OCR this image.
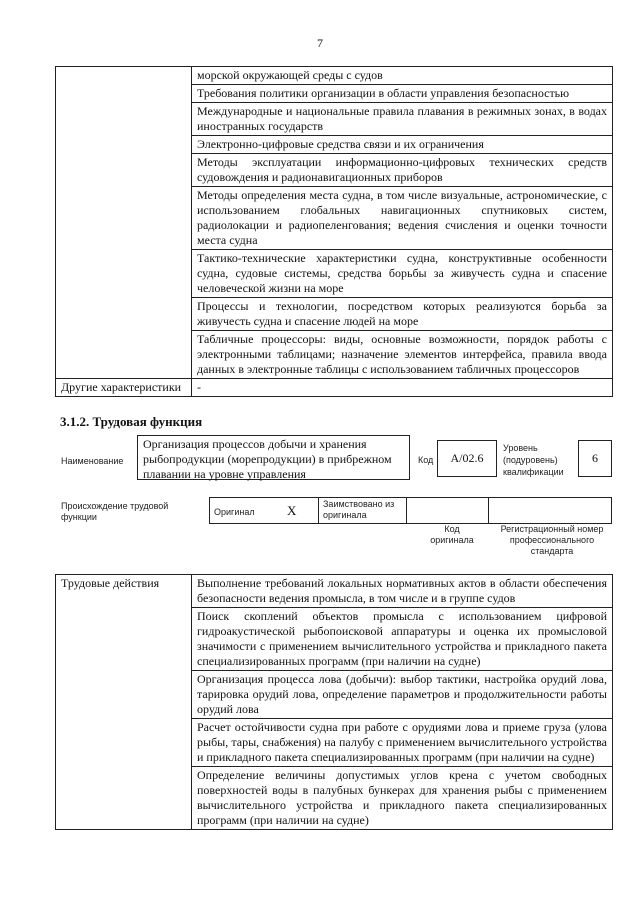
7
	морской окружающей среды с судов
	Требования политики организации в области управления безопасностью
	Международные и национальные правила плавания в режимных зонах, в водах иностранных государств
	Электронно-цифровые средства связи и их ограничения
	Методы эксплуатации информационно-цифровых технических средств судовождения и радионавигационных приборов
	Методы определения места судна, в том числе визуальные, астрономические, с использованием глобальных навигационных спутниковых систем, радиолокации и радиопеленгования; ведения счисления и оценки точности места судна
	Тактико-технические характеристики судна, конструктивные особенности судна, судовые системы, средства борьбы за живучесть судна и спасение человеческой жизни на море
	Процессы и технологии, посредством которых реализуются борьба за живучесть судна и спасение людей на море
	Табличные процессоры: виды, основные возможности, порядок работы с электронными таблицами; назначение элементов интерфейса, правила ввода данных в электронные таблицы с использованием табличных процессоров
Другие характеристики	-
3.1.2. Трудовая функция
Наименование
Организация процессов добычи и хранения рыбопродукции (морепродукции) в прибрежном плавании на уровне управления
Код	A/02.6
Уровень (подуровень) квалификации
6
Происхождение трудовой функции	Оригинал X	Заимствовано из оригинала
Код оригинала
Регистрационный номер профессионального стандарта
Трудовые действия	Выполнение требований локальных нормативных актов в области обеспечения безопасности ведения промысла, в том числе и в группе судов
Поиск скоплений объектов промысла с использованием цифровой гидроакустической рыбопоисковой аппаратуры и оценка их промысловой значимости с применением вычислительного устройства и прикладного пакета специализированных программ (при наличии на судне)
Организация процесса лова (добычи): выбор тактики, настройка орудий лова, тарировка орудий лова, определение параметров и продолжительности работы орудий лова
Расчет остойчивости судна при работе с орудиями лова и приеме груза (улова рыбы, тары, снабжения) на палубу с применением вычислительного устройства и прикладного пакета специализированных программ (при наличии на судне)
Определение величины допустимых углов крена с учетом свободных поверхностей воды в палубных бункерах для хранения рыбы с применением вычислительного устройства и прикладного пакета специализированных программ (при наличии на судне)
